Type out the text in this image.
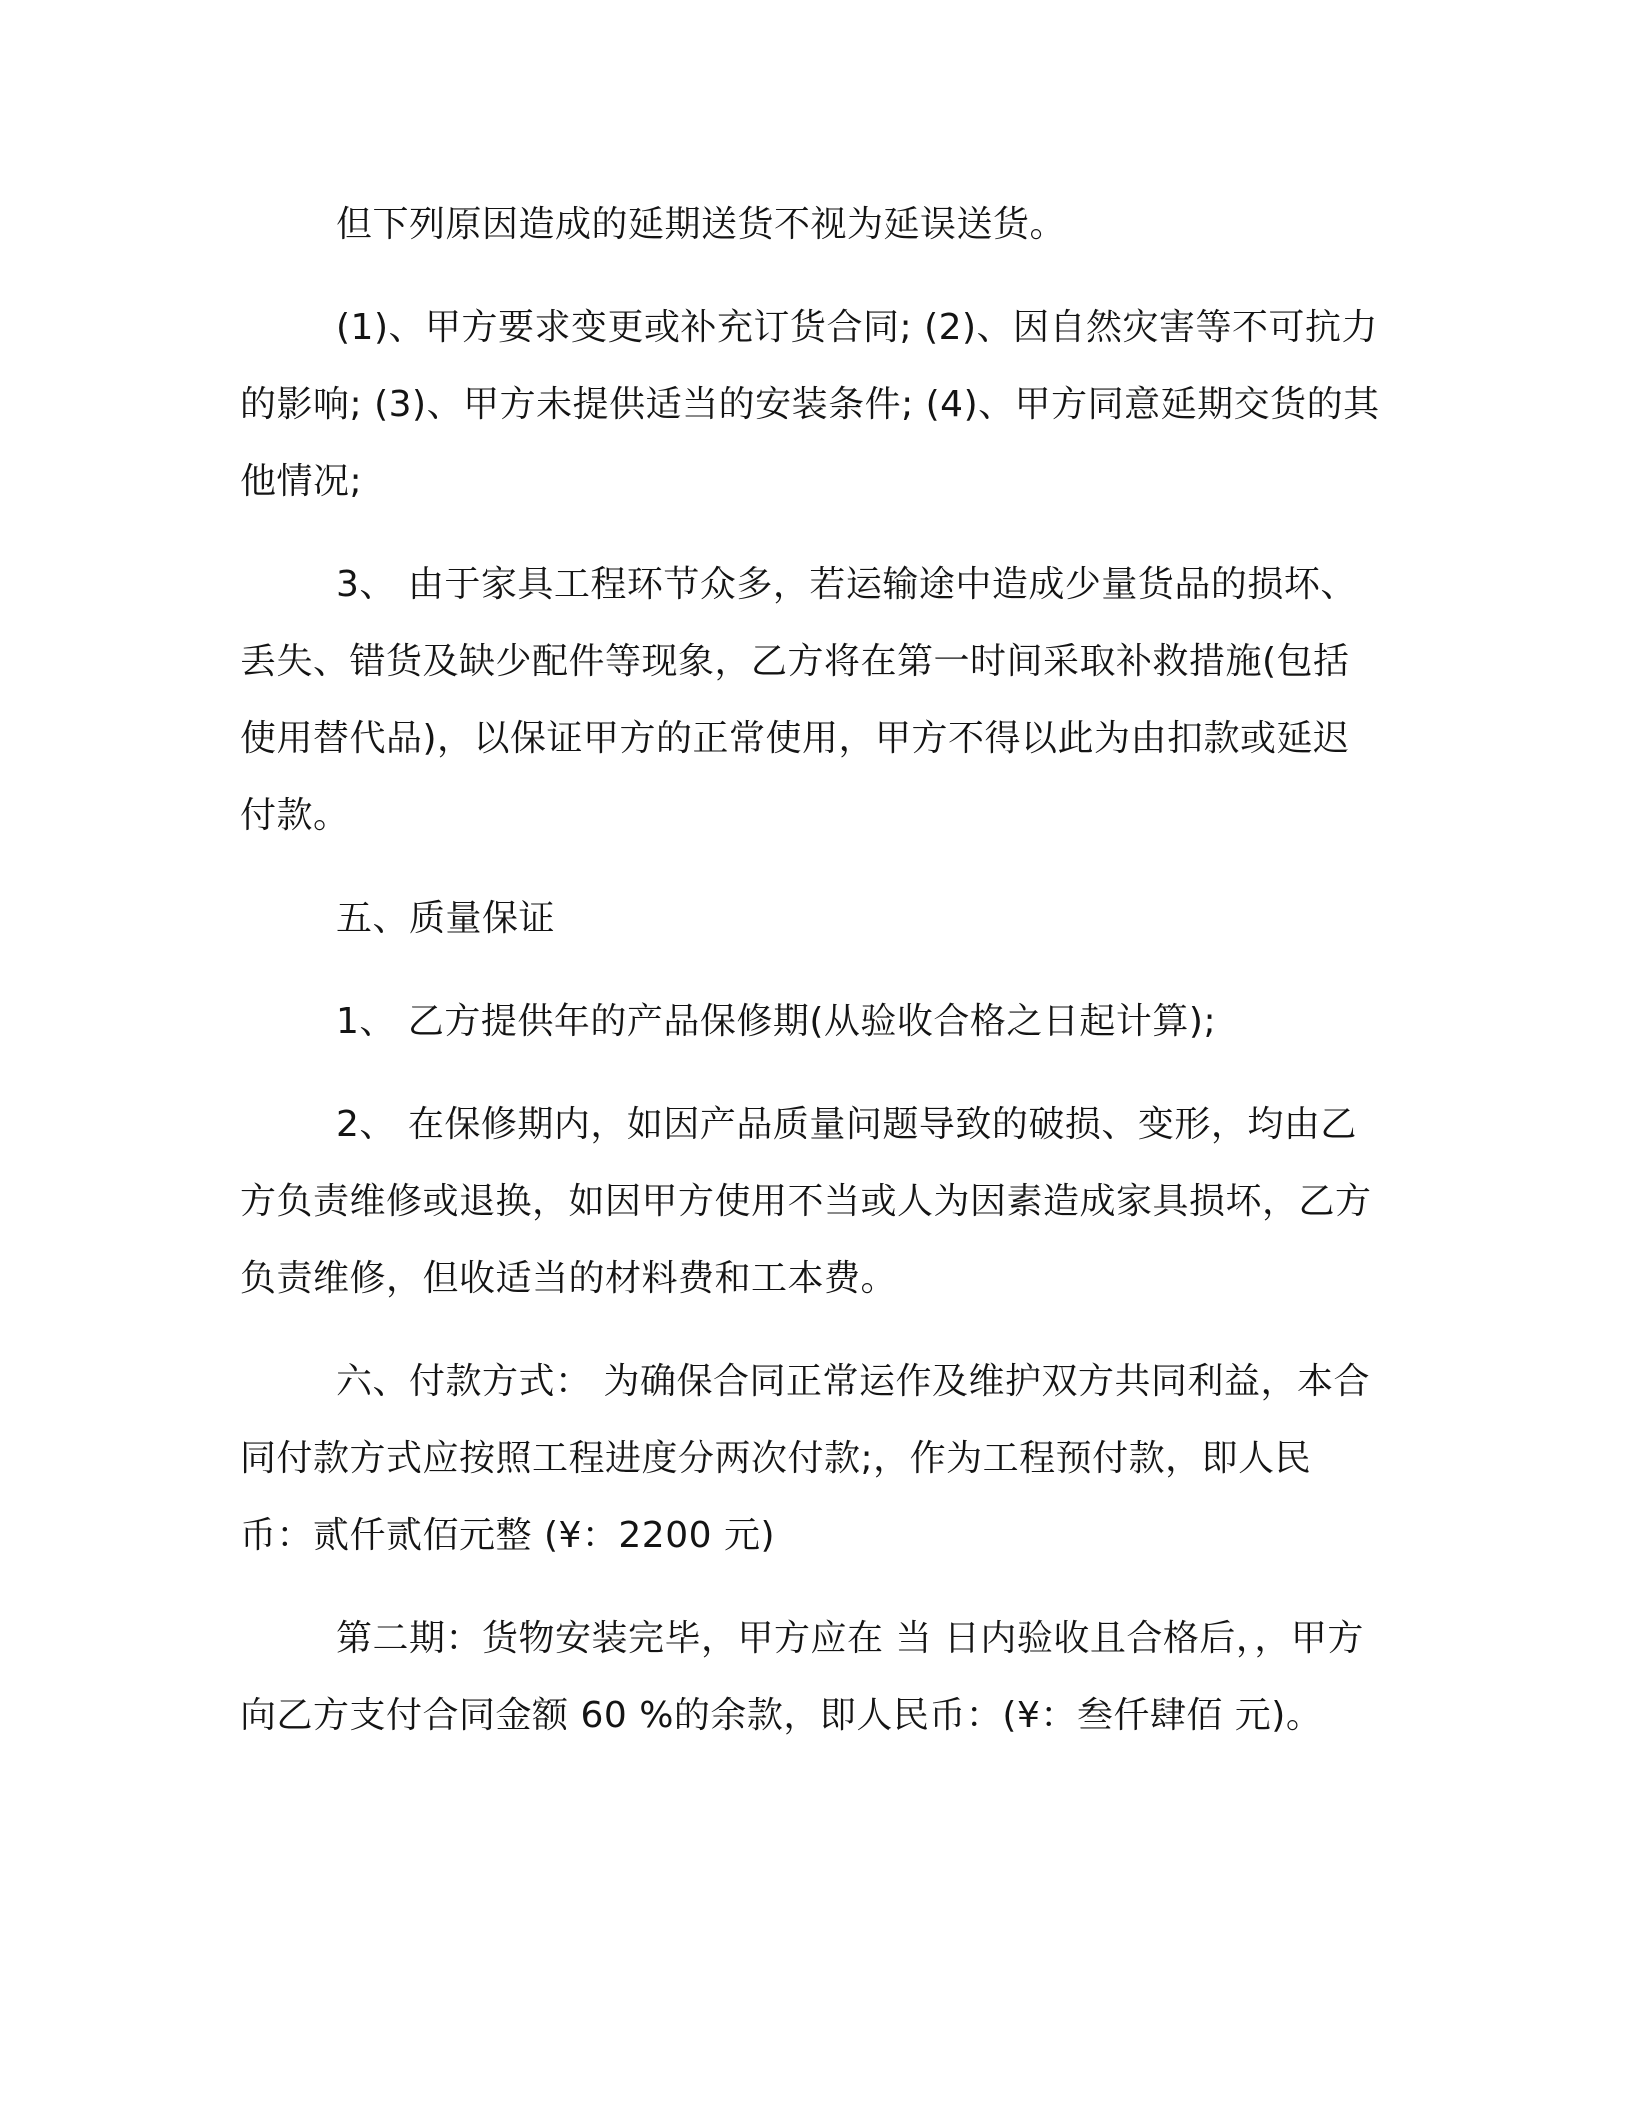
但下列原因造成的延期送货不视为延误送货。

(1)、甲方要求变更或补充订货合同; (2)、因自然灾害等不可抗力的影响; (3)、甲方未提供适当的安装条件; (4)、甲方同意延期交货的其他情况;

3、 由于家具工程环节众多，若运输途中造成少量货品的损坏、丢失、错货及缺少配件等现象，乙方将在第一时间采取补救措施(包括使用替代品)，以保证甲方的正常使用，甲方不得以此为由扣款或延迟付款。

五、质量保证

1、 乙方提供年的产品保修期(从验收合格之日起计算);

2、 在保修期内，如因产品质量问题导致的破损、变形，均由乙方负责维修或退换，如因甲方使用不当或人为因素造成家具损坏，乙方负责维修，但收适当的材料费和工本费。

六、付款方式： 为确保合同正常运作及维护双方共同利益，本合同付款方式应按照工程进度分两次付款;，作为工程预付款，即人民币：贰仟贰佰元整 (¥：2200 元)

第二期：货物安装完毕，甲方应在 当 日内验收且合格后，，甲方向乙方支付合同金额 60 %的余款，即人民币：(¥：叁仟肆佰 元)。
